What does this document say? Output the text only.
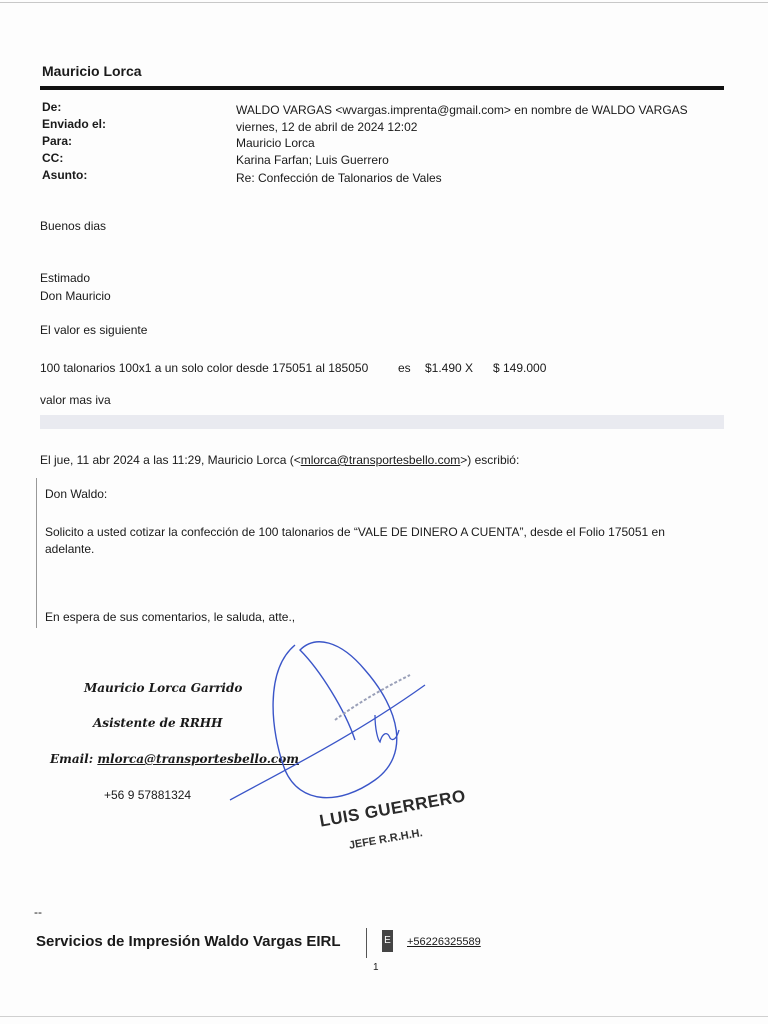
Mauricio Lorca
De:	WALDO VARGAS <wvargas.imprenta@gmail.com> en nombre de WALDO VARGAS
Enviado el:	viernes, 12 de abril de 2024 12:02
Para:	Mauricio Lorca
CC:	Karina Farfan; Luis Guerrero
Asunto:	Re: Confección de Talonarios de Vales
Buenos dias
Estimado
Don Mauricio
El valor es siguiente
100 talonarios 100x1 a un solo color desde 175051 al 185050 es $1.490 X $ 149.000
valor mas iva
El jue, 11 abr 2024 a las 11:29, Mauricio Lorca (<mlorca@transportesbello.com>) escribió:
Don Waldo:
Solicito a usted cotizar la confección de 100 talonarios de “VALE DE DINERO A CUENTA”, desde el Folio 175051 en
adelante.
En espera de sus comentarios, le saluda, atte.,
Mauricio Lorca Garrido
Asistente de RRHH
Email: mlorca@transportesbello.com
+56 9 57881324	LUIS GUERRERO
JEFE R.R.H.H.
--
Servicios de Impresión Waldo Vargas EIRL	E +56226325589
1
